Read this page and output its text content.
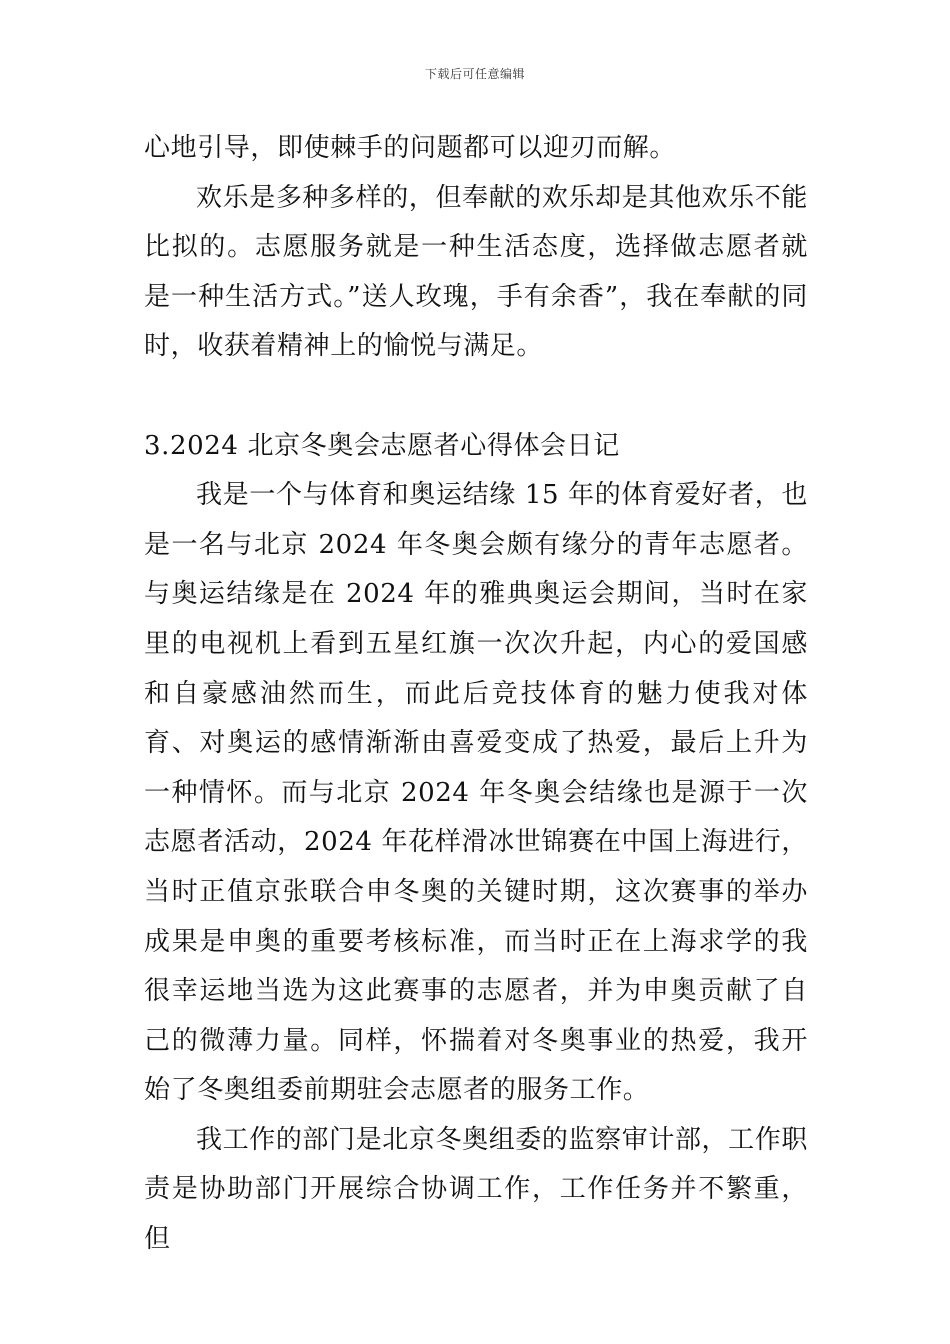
下载后可任意编辑

心地引导，即使棘手的问题都可以迎刃而解。

欢乐是多种多样的，但奉献的欢乐却是其他欢乐不能比拟的。志愿服务就是一种生活态度，选择做志愿者就是一种生活方式。”送人玫瑰，手有余香”，我在奉献的同时，收获着精神上的愉悦与满足。

3.2024 北京冬奥会志愿者心得体会日记

我是一个与体育和奥运结缘 15 年的体育爱好者，也是一名与北京 2024 年冬奥会颇有缘分的青年志愿者。与奥运结缘是在 2024 年的雅典奥运会期间，当时在家里的电视机上看到五星红旗一次次升起，内心的爱国感和自豪感油然而生，而此后竞技体育的魅力使我对体育、对奥运的感情渐渐由喜爱变成了热爱，最后上升为一种情怀。而与北京 2024 年冬奥会结缘也是源于一次志愿者活动，2024 年花样滑冰世锦赛在中国上海进行，当时正值京张联合申冬奥的关键时期，这次赛事的举办成果是申奥的重要考核标准，而当时正在上海求学的我很幸运地当选为这此赛事的志愿者，并为申奥贡献了自己的微薄力量。同样，怀揣着对冬奥事业的热爱，我开始了冬奥组委前期驻会志愿者的服务工作。

我工作的部门是北京冬奥组委的监察审计部，工作职责是协助部门开展综合协调工作，工作任务并不繁重，但
